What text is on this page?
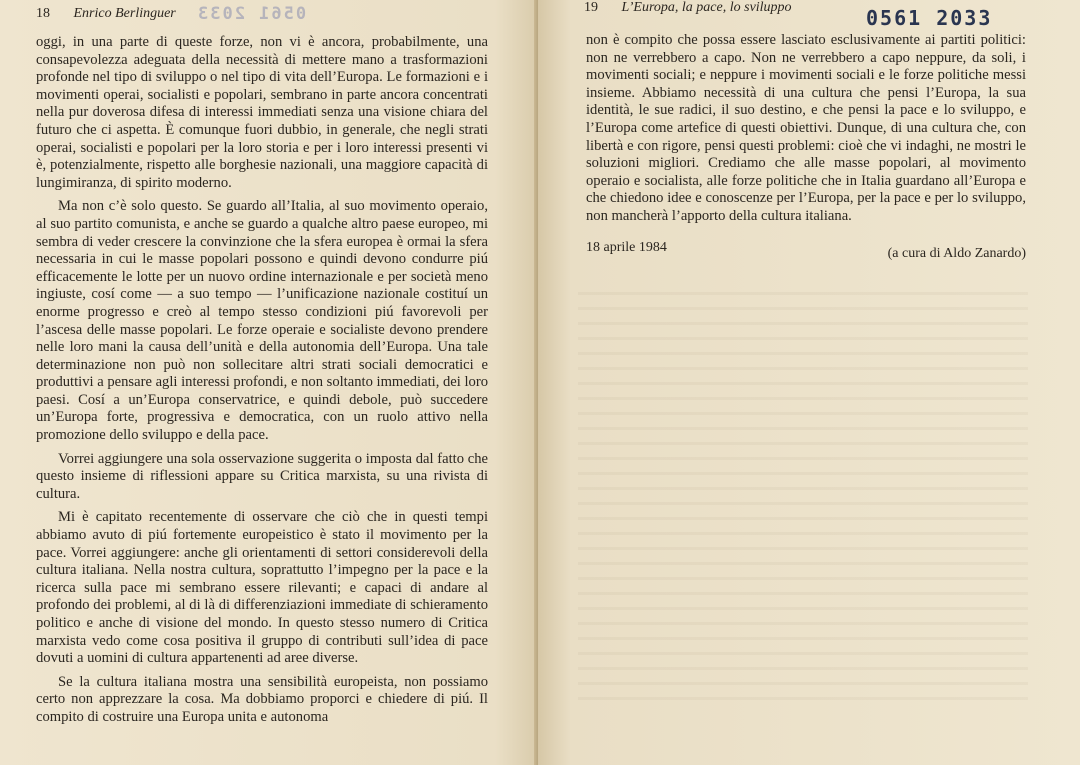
18 Enrico Berlinguer 0561 2033

oggi, in una parte di queste forze, non vi è ancora, probabilmente, una consapevolezza adeguata della necessità di mettere mano a trasformazioni profonde nel tipo di sviluppo o nel tipo di vita dell’Europa. Le formazioni e i movimenti operai, socialisti e popolari, sembrano in parte ancora concentrati nella pur doverosa difesa di interessi immediati senza una visione chiara del futuro che ci aspetta. È comunque fuori dubbio, in generale, che negli strati operai, socialisti e popolari per la loro storia e per i loro interessi presenti vi è, potenzialmente, rispetto alle borghesie nazionali, una maggiore capacità di lungimiranza, di spirito moderno.

Ma non c’è solo questo. Se guardo all’Italia, al suo movimento operaio, al suo partito comunista, e anche se guardo a qualche altro paese europeo, mi sembra di veder crescere la convinzione che la sfera europea è ormai la sfera necessaria in cui le masse popolari possono e quindi devono condurre piú efficacemente le lotte per un nuovo ordine internazionale e per società meno ingiuste, cosí come — a suo tempo — l’unificazione nazionale costituí un enorme progresso e creò al tempo stesso condizioni piú favorevoli per l’ascesa delle masse popolari. Le forze operaie e socialiste devono prendere nelle loro mani la causa dell’unità e della autonomia dell’Europa. Una tale determinazione non può non sollecitare altri strati sociali democratici e produttivi a pensare agli interessi profondi, e non soltanto immediati, dei loro paesi. Cosí a un’Europa conservatrice, e quindi debole, può succedere un’Europa forte, progressiva e democratica, con un ruolo attivo nella promozione dello sviluppo e della pace.

Vorrei aggiungere una sola osservazione suggerita o imposta dal fatto che questo insieme di riflessioni appare su Critica marxista, su una rivista di cultura.

Mi è capitato recentemente di osservare che ciò che in questi tempi abbiamo avuto di piú fortemente europeistico è stato il movimento per la pace. Vorrei aggiungere: anche gli orientamenti di settori considerevoli della cultura italiana. Nella nostra cultura, soprattutto l’impegno per la pace e la ricerca sulla pace mi sembrano essere rilevanti; e capaci di andare al profondo dei problemi, al di là di differenziazioni immediate di schieramento politico e anche di visione del mondo. In questo stesso numero di Critica marxista vedo come cosa positiva il gruppo di contributi sull’idea di pace dovuti a uomini di cultura appartenenti ad aree diverse.

Se la cultura italiana mostra una sensibilità europeista, non possiamo certo non apprezzare la cosa. Ma dobbiamo proporci e chiedere di piú. Il compito di costruire una Europa unita e autonoma

19 L’Europa, la pace, lo sviluppo	0561 2033

non è compito che possa essere lasciato esclusivamente ai partiti politici: non ne verrebbero a capo. Non ne verrebbero a capo neppure, da soli, i movimenti sociali; e neppure i movimenti sociali e le forze politiche messi insieme. Abbiamo necessità di una cultura che pensi l’Europa, la sua identità, le sue radici, il suo destino, e che pensi la pace e lo sviluppo, e l’Europa come artefice di questi obiettivi. Dunque, di una cultura che, con libertà e con rigore, pensi questi problemi: cioè che vi indaghi, ne mostri le soluzioni migliori. Crediamo che alle masse popolari, al movimento operaio e socialista, alle forze politiche che in Italia guardano all’Europa e che chiedono idee e conoscenze per l’Europa, per la pace e per lo sviluppo, non mancherà l’apporto della cultura italiana.

18 aprile 1984	(a cura di Aldo Zanardo)
